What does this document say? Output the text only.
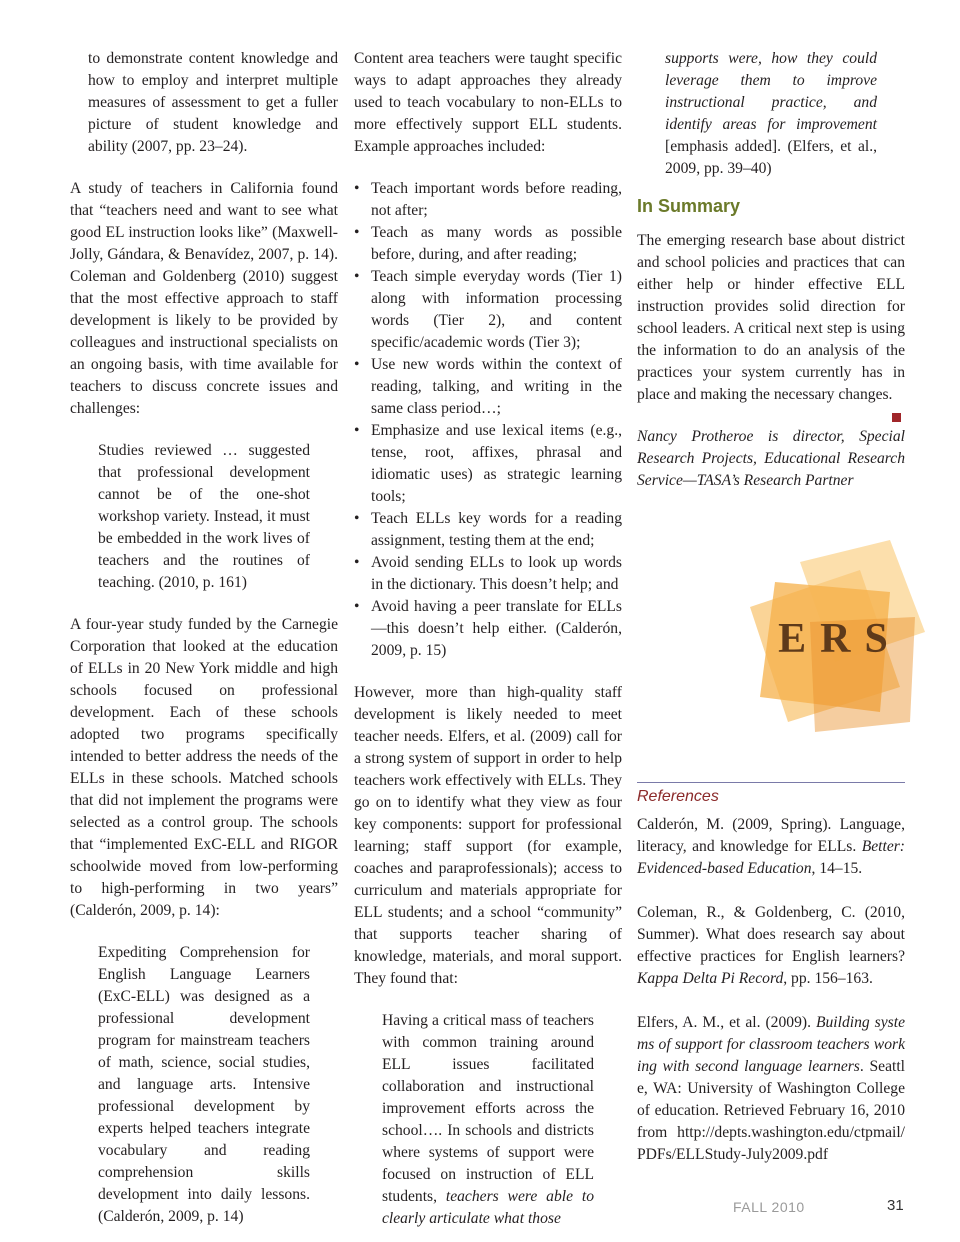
to demonstrate content knowledge and how to employ and interpret multiple measures of assessment to get a fuller picture of student knowledge and ability (2007, pp. 23–24).

A study of teachers in California found that “teachers need and want to see what good EL instruction looks like” (Maxwell-Jolly, Gándara, & Benavídez, 2007, p. 14). Coleman and Goldenberg (2010) suggest that the most effective approach to staff development is likely to be provided by colleagues and instructional specialists on an ongoing basis, with time available for teachers to discuss concrete issues and challenges:

Studies reviewed … suggested that professional development cannot be of the one-shot workshop variety. Instead, it must be embedded in the work lives of teachers and the routines of teaching. (2010, p. 161)

A four-year study funded by the Carnegie Corporation that looked at the education of ELLs in 20 New York middle and high schools focused on professional development. Each of these schools adopted two programs specifically intended to better address the needs of the ELLs in these schools. Matched schools that did not implement the programs were selected as a control group. The schools that “implemented ExC-ELL and RIGOR schoolwide moved from low-performing to high-performing in two years” (Calderón, 2009, p. 14):

Expediting Comprehension for English Language Learners (ExC-ELL) was designed as a professional development program for mainstream teachers of math, science, social studies, and language arts. Intensive professional development by experts helped teachers integrate vocabulary and reading comprehension skills development into daily lessons. (Calderón, 2009, p. 14)

Content area teachers were taught specific ways to adapt approaches they already used to teach vocabulary to non-ELLs to more effectively support ELL students. Example approaches included:

• Teach important words before reading, not after;
• Teach as many words as possible before, during, and after reading;
• Teach simple everyday words (Tier 1) along with information processing words (Tier 2), and content specific/academic words (Tier 3);
• Use new words within the context of reading, talking, and writing in the same class period…;
• Emphasize and use lexical items (e.g., tense, root, affixes, phrasal and idiomatic uses) as strategic learning tools;
• Teach ELLs key words for a reading assignment, testing them at the end;
• Avoid sending ELLs to look up words in the dictionary. This doesn’t help; and
• Avoid having a peer translate for ELLs—this doesn’t help either. (Calderón, 2009, p. 15)

However, more than high-quality staff development is likely needed to meet teacher needs. Elfers, et al. (2009) call for a strong system of support in order to help teachers work effectively with ELLs. They go on to identify what they view as four key components: support for professional learning; staff support (for example, coaches and paraprofessionals); access to curriculum and materials appropriate for ELL students; and a school “community” that supports teacher sharing of knowledge, materials, and moral support. They found that:

Having a critical mass of teachers with common training around ELL issues facilitated collaboration and instructional improvement efforts across the school…. In schools and districts where systems of support were focused on instruction of ELL students, teachers were able to clearly articulate what those

supports were, how they could leverage them to improve instructional practice, and identify areas for improvement [emphasis added]. (Elfers, et al., 2009, pp. 39–40)

In Summary

The emerging research base about district and school policies and practices that can either help or hinder effective ELL instruction provides solid direction for school leaders. A critical next step is using the information to do an analysis of the practices your system currently has in place and making the necessary changes.

Nancy Protheroe is director, Special Research Projects, Educational Research Service—TASA’s Research Partner

ERS
References

Calderón, M. (2009, Spring). Language, literacy, and knowledge for ELLs. Better: Evidenced-based Education, 14–15.

Coleman, R., & Goldenberg, C. (2010, Summer). What does research say about effective practices for English learners? Kappa Delta Pi Record, pp. 156–163.

Elfers, A. M., et al. (2009). Building systems of support for classroom teachers working with second language learners. Seattle, WA: University of Washington College of education. Retrieved February 16, 2010 from http://depts.washington.edu/ctpmail/PDFs/ELLStudy-July2009.pdf

FALL 2010	31
